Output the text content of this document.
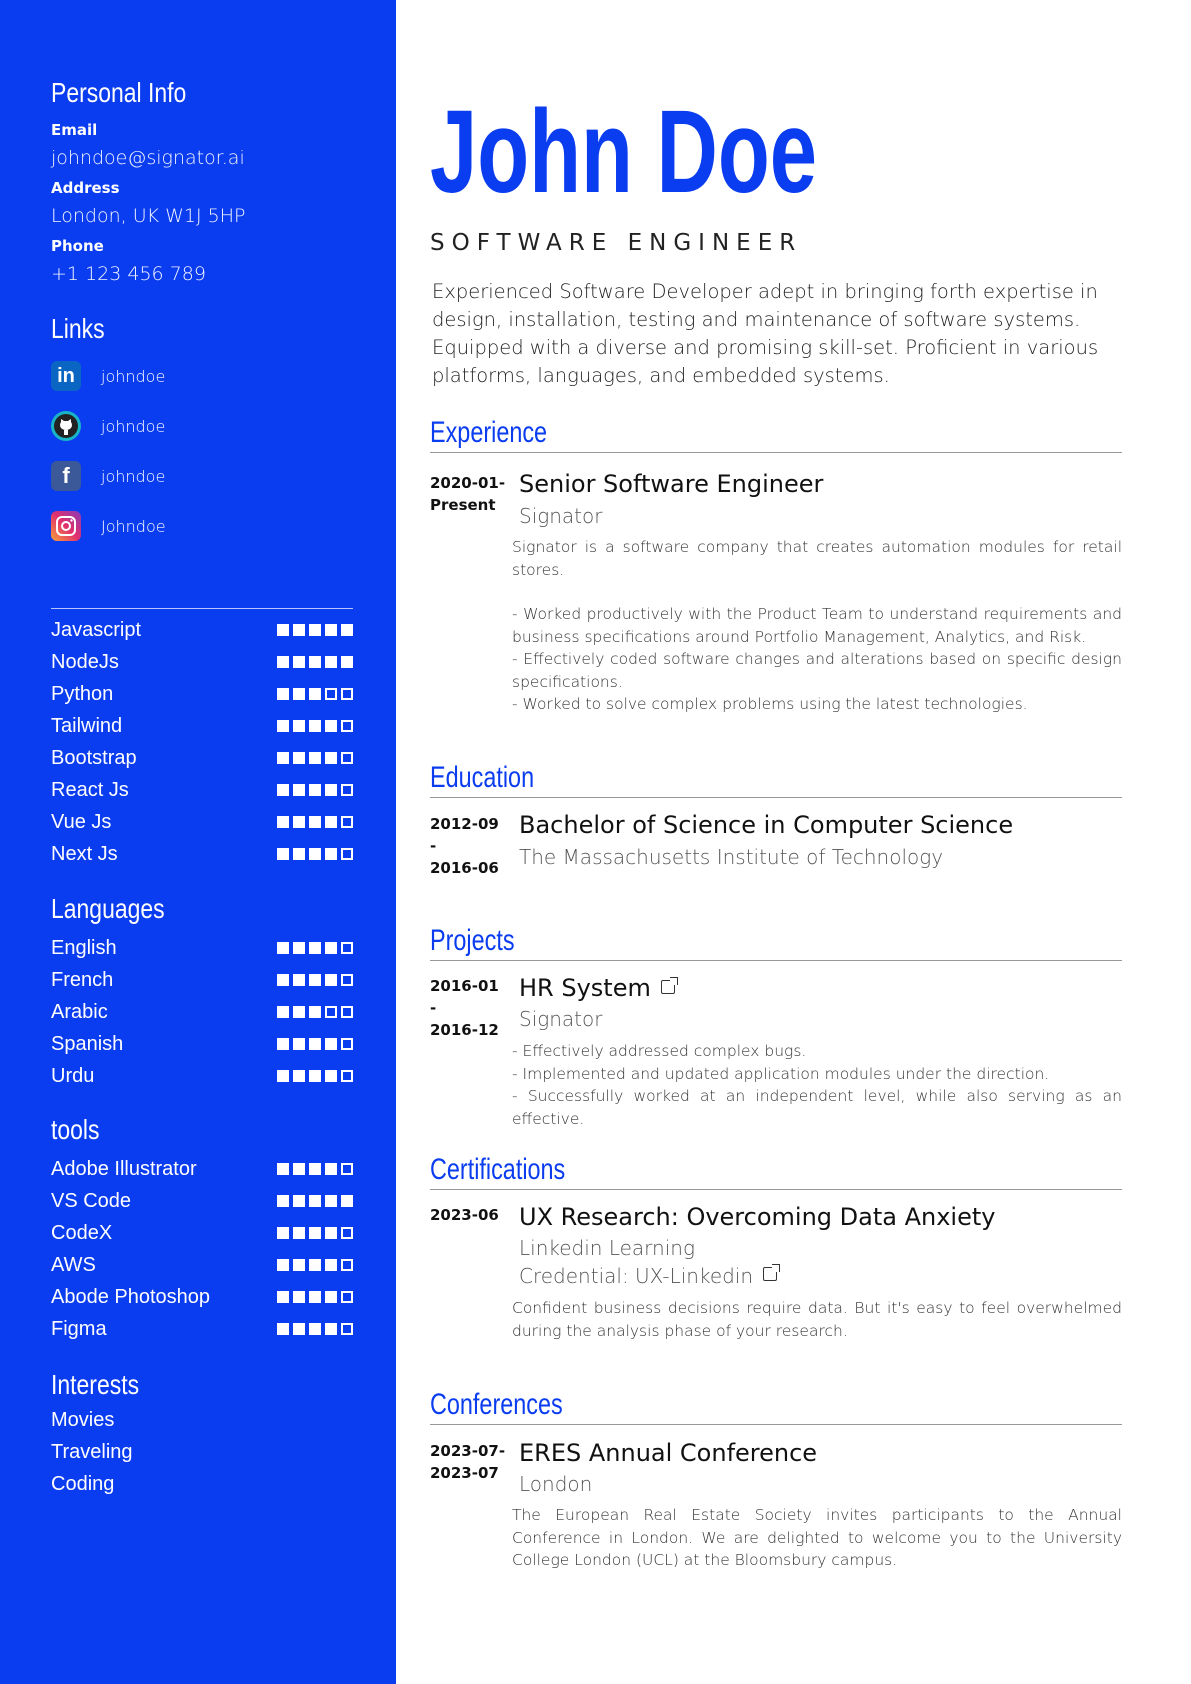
Personal Info
Email
johndoe@signator.ai
Address
London, UK W1J 5HP
Phone
+1 123 456 789
Links
in johndoe
johndoe
f johndoe
Johndoe
Javascript
NodeJs
Python
Tailwind
Bootstrap
React Js
Vue Js
Next Js
Languages
English
French
Arabic
Spanish
Urdu
tools
Adobe Illustrator
VS Code
CodeX
AWS
Abode Photoshop
Figma
Interests
Movies
Traveling
Coding
John Doe
SOFTWARE ENGINEER
Experienced Software Developer adept in bringing forth expertise in design, installation, testing and maintenance of software systems. Equipped with a diverse and promising skill-set. Proficient in various platforms, languages, and embedded systems.
Experience
2020-01-
Present
Senior Software Engineer
Signator
Signator is a software company that creates automation modules for retail stores.
- Worked productively with the Product Team to understand requirements and business specifications around Portfolio Management, Analytics, and Risk.
- Effectively coded software changes and alterations based on specific design specifications.
- Worked to solve complex problems using the latest technologies.
Education
2012-09 -
2016-06
Bachelor of Science in Computer Science
The Massachusetts Institute of Technology
Projects
2016-01 -
2016-12
HR System
Signator
- Effectively addressed complex bugs.
- Implemented and updated application modules under the direction.
- Successfully worked at an independent level, while also serving as an effective.
Certifications
2023-06 UX Research: Overcoming Data Anxiety
Linkedin Learning
Credential: UX-Linkedin
Confident business decisions require data. But it's easy to feel overwhelmed during the analysis phase of your research.
Conferences
2023-07-
2023-07
ERES Annual Conference
London
The European Real Estate Society invites participants to the Annual Conference in London. We are delighted to welcome you to the University College London (UCL) at the Bloomsbury campus.
